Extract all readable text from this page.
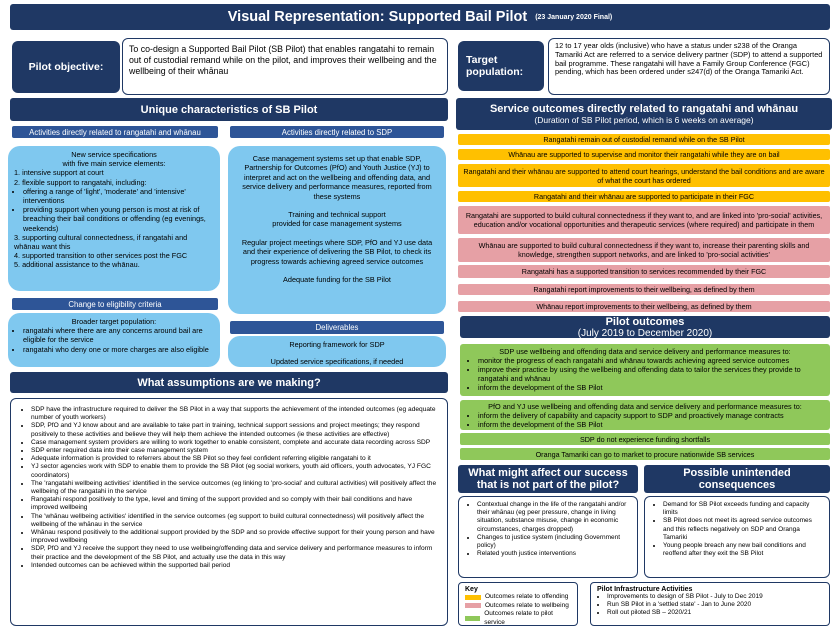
Visual Representation: Supported Bail Pilot (23 January 2020 Final)
Pilot objective:
To co-design a Supported Bail Pilot (SB Pilot) that enables rangatahi to remain out of custodial remand while on the pilot, and improves their wellbeing and the wellbeing of their whānau
Target population:
12 to 17 year olds (inclusive) who have a status under s238 of the Oranga Tamariki Act are referred to a service delivery partner (SDP) to attend a supported bail programme. These rangatahi will have a Family Group Conference (FGC) pending, which has been ordered under s247(d) of the Oranga Tamariki Act.
Unique characteristics of SB Pilot
Activities directly related to rangatahi and whānau	Activities directly related to SDP
New service specifications
with five main service elements:
1. intensive support at court
2. flexible support to rangatahi, including:
• offering a range of 'light', 'moderate' and 'intensive' interventions
• providing support when young person is most at risk of breaching their bail conditions or offending (eg evenings, weekends)
3. supporting cultural connectedness, if rangatahi and whānau want this
4. supported transition to other services post the FGC
5. additional assistance to the whānau.
Case management systems set up that enable SDP, Partnership for Outcomes (PfO) and Youth Justice (YJ) to interpret and act on the wellbeing and offending data, and service delivery and performance measures, reported from these systems
Training and technical support
provided for case management systems
Regular project meetings where SDP, PfO and YJ use data and their experience of delivering the SB Pilot, to check its progress towards achieving agreed service outcomes
Adequate funding for the SB Pilot
Change to eligibility criteria
Broader target population:
• rangatahi where there are any concerns around bail are eligible for the service
• rangatahi who deny one or more charges are also eligible
Deliverables
Reporting framework for SDP
Updated service specifications, if needed
What assumptions are we making?
• SDP have the infrastructure required to deliver the SB Pilot in a way that supports the achievement of the intended outcomes (eg adequate number of youth workers)
• SDP, PfO and YJ know about and are available to take part in training, technical support sessions and project meetings; they respond positively to these activities and believe they will help them achieve the intended outcomes (ie these activities are effective)
• Case management system providers are willing to work together to enable consistent, complete and accurate data recording across SDP
• SDP enter required data into their case management system
• Adequate information is provided to referrers about the SB Pilot so they feel confident referring eligible rangatahi to it
• YJ sector agencies work with SDP to enable them to provide the SB Pilot (eg social workers, youth aid officers, youth advocates, YJ FGC coordinators)
• The 'rangatahi wellbeing activities' identified in the service outcomes (eg linking to 'pro-social' and cultural activities) will positively affect the wellbeing of the rangatahi in the service
• Rangatahi respond positively to the type, level and timing of the support provided and so comply with their bail conditions and have improved wellbeing
• The 'whānau wellbeing activities' identified in the service outcomes (eg support to build cultural connectedness) will positively affect the wellbeing of the whānau in the service
• Whānau respond positively to the additional support provided by the SDP and so provide effective support for their young person and have improved wellbeing
• SDP, PfO and YJ receive the support they need to use wellbeing/offending data and service delivery and performance measures to inform their practice and the development of the SB Pilot, and actually use the data in this way
• Intended outcomes can be achieved within the supported bail period
Service outcomes directly related to rangatahi and whānau
(Duration of SB Pilot period, which is 6 weeks on average)
Rangatahi remain out of custodial remand while on the SB Pilot
Whānau are supported to supervise and monitor their rangatahi while they are on bail
Rangatahi and their whānau are supported to attend court hearings, understand the bail conditions and are aware of what the court has ordered
Rangatahi and their whānau are supported to participate in their FGC
Rangatahi are supported to build cultural connectedness if they want to, and are linked into 'pro-social' activities, education and/or vocational opportunities and therapeutic services (where required) and participate in them
Whānau are supported to build cultural connectedness if they want to, increase their parenting skills and knowledge, strengthen support networks, and are linked to 'pro-social activities'
Rangatahi has a supported transition to services recommended by their FGC
Rangatahi report improvements to their wellbeing, as defined by them
Whānau report improvements to their wellbeing, as defined by them
Pilot outcomes
(July 2019 to December 2020)
SDP use wellbeing and offending data and service delivery and performance measures to:
• monitor the progress of each rangatahi and whānau towards achieving agreed service outcomes
• improve their practice by using the wellbeing and offending data to tailor the services they provide to rangatahi and whānau
• inform the development of the SB Pilot
PfO and YJ use wellbeing and offending data and service delivery and performance measures to:
• inform the delivery of capability and capacity support to SDP and proactively manage contracts
• inform the development of the SB Pilot
SDP do not experience funding shortfalls
Oranga Tamariki can go to market to procure nationwide SB services
What might affect our success
that is not part of the pilot?
• Contextual change in the life of the rangatahi and/or their whānau (eg peer pressure, change in living situation, substance misuse, change in economic circumstances, charges dropped)
• Changes to justice system (including Government policy)
• Related youth justice interventions
Possible unintended
consequences
• Demand for SB Pilot exceeds funding and capacity limits
• SB Pilot does not meet its agreed service outcomes and this reflects negatively on SDP and Oranga Tamariki
• Young people breach any new bail conditions and reoffend after they exit the SB Pilot
Key
Outcomes relate to offending
Outcomes relate to wellbeing
Outcomes relate to pilot service
Pilot Infrastructure Activities
• Improvements to design of SB Pilot - July to Dec 2019
• Run SB Pilot in a 'settled state' - Jan to June 2020
• Roll out piloted SB – 2020/21
